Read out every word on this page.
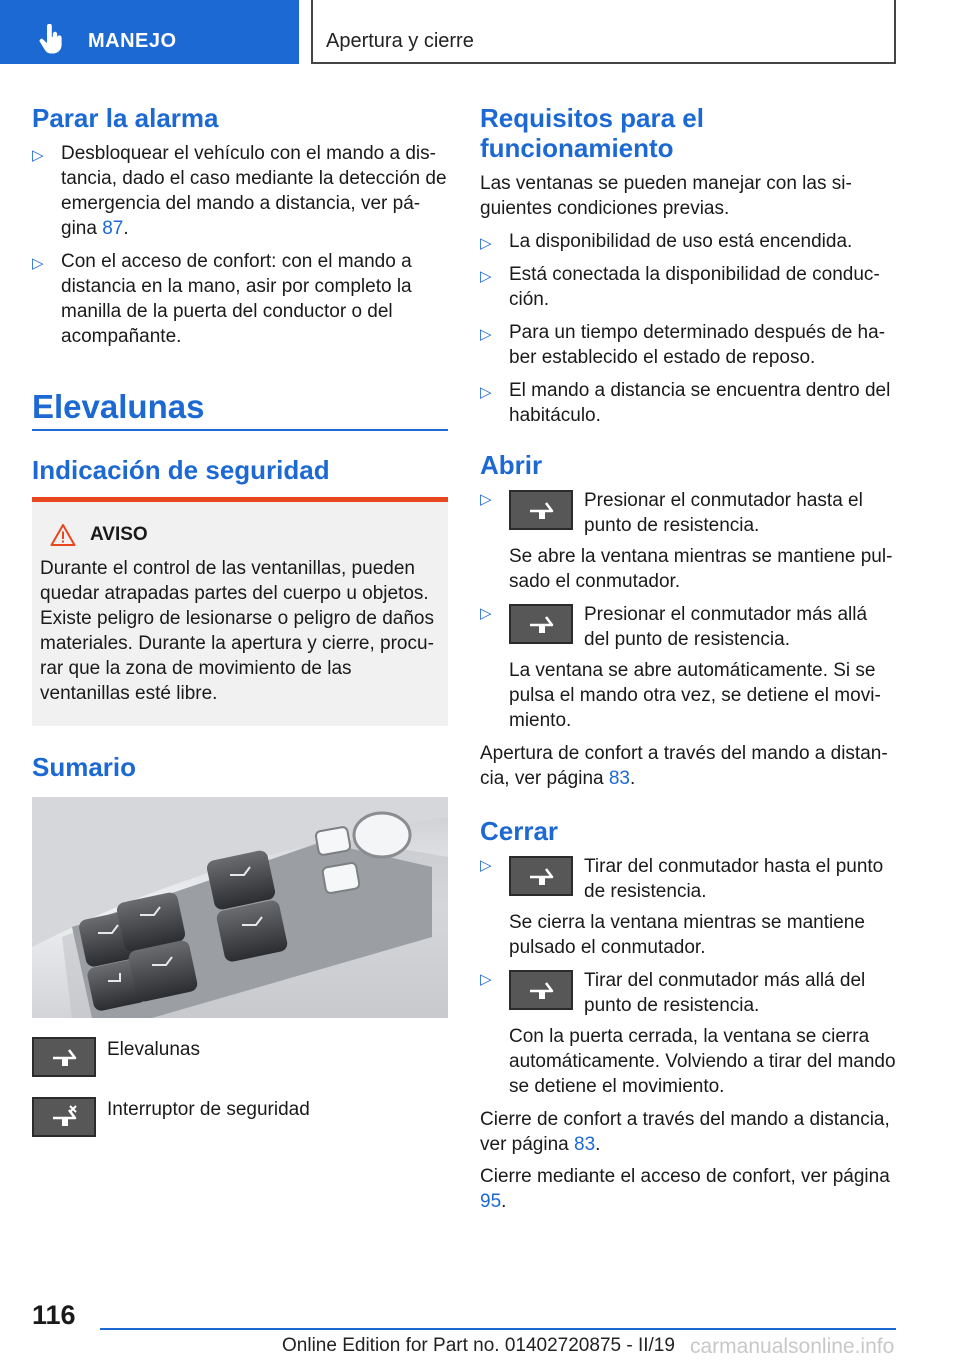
MANEJO	Apertura y cierre
Parar la alarma
▷ Desbloquear el vehículo con el mando a distancia, dado el caso mediante la detección de emergencia del mando a distancia, ver página 87.
▷ Con el acceso de confort: con el mando a distancia en la mano, asir por completo la manilla de la puerta del conductor o del acompañante.
Elevalunas
Indicación de seguridad
AVISO

Durante el control de las ventanillas, pueden quedar atrapadas partes del cuerpo u objetos. Existe peligro de lesionarse o peligro de daños materiales. Durante la apertura y cierre, procurar que la zona de movimiento de las ventanillas esté libre.

Sumario
Elevalunas
Interruptor de seguridad
Requisitos para el
funcionamiento

Las ventanas se pueden manejar con las siguientes condiciones previas.

▷ La disponibilidad de uso está encendida.
▷ Está conectada la disponibilidad de conducción.
▷ Para un tiempo determinado después de haber establecido el estado de reposo.
▷ El mando a distancia se encuentra dentro del habitáculo.
Abrir
▷	Presionar el conmutador hasta el punto de resistencia.

Se abre la ventana mientras se mantiene pulsado el conmutador.

▷	Presionar el conmutador más allá del punto de resistencia.

La ventana se abre automáticamente. Si se pulsa el mando otra vez, se detiene el movimiento.

Apertura de confort a través del mando a distancia, ver página 83.

Cerrar
▷	Tirar del conmutador hasta el punto de resistencia.

Se cierra la ventana mientras se mantiene pulsado el conmutador.

▷	Tirar del conmutador más allá del punto de resistencia.

Con la puerta cerrada, la ventana se cierra automáticamente. Volviendo a tirar del mando se detiene el movimiento.

Cierre de confort a través del mando a distancia, ver página 83.

Cierre mediante el acceso de confort, ver página 95.

116
Online Edition for Part no. 01402720875 - II/19 carmanualsonline.info
